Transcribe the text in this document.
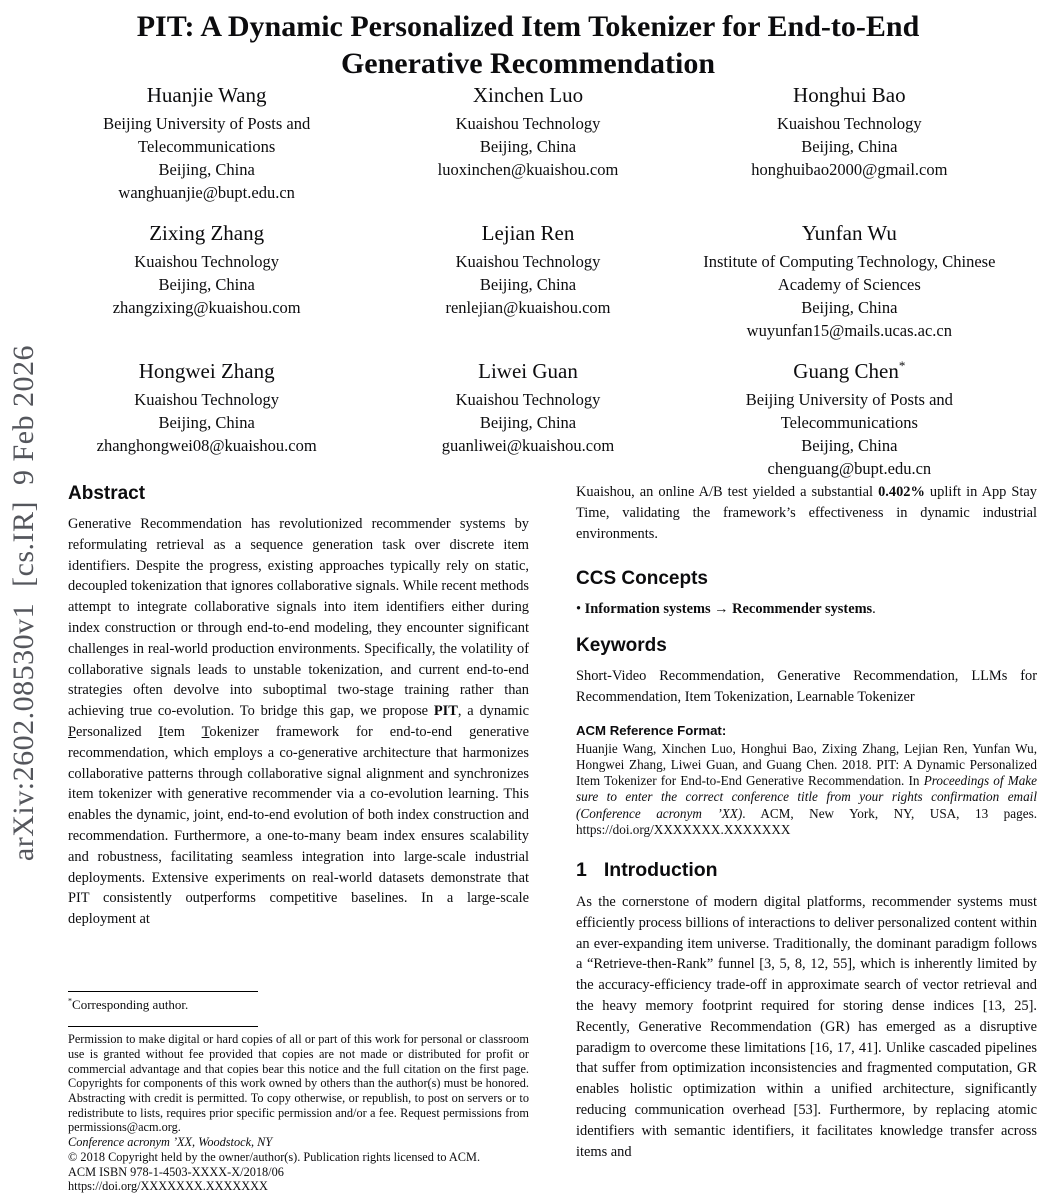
arXiv:2602.08530v1  [cs.IR]  9 Feb 2026
PIT: A Dynamic Personalized Item Tokenizer for End-to-End
Generative Recommendation
Huanjie Wang
Beijing University of Posts and Telecommunications
Beijing, China
wanghuanjie@bupt.edu.cn
Xinchen Luo
Kuaishou Technology
Beijing, China
luoxinchen@kuaishou.com
Honghui Bao
Kuaishou Technology
Beijing, China
honghuibao2000@gmail.com
Zixing Zhang
Kuaishou Technology
Beijing, China
zhangzixing@kuaishou.com
Lejian Ren
Kuaishou Technology
Beijing, China
renlejian@kuaishou.com
Yunfan Wu
Institute of Computing Technology, Chinese Academy of Sciences
Beijing, China
wuyunfan15@mails.ucas.ac.cn
Hongwei Zhang
Kuaishou Technology
Beijing, China
zhanghongwei08@kuaishou.com
Liwei Guan
Kuaishou Technology
Beijing, China
guanliwei@kuaishou.com
Guang Chen*
Beijing University of Posts and Telecommunications
Beijing, China
chenguang@bupt.edu.cn
Abstract

Generative Recommendation has revolutionized recommender systems by reformulating retrieval as a sequence generation task over discrete item identifiers. Despite the progress, existing approaches typically rely on static, decoupled tokenization that ignores collaborative signals. While recent methods attempt to integrate collaborative signals into item identifiers either during index construction or through end-to-end modeling, they encounter significant challenges in real-world production environments. Specifically, the volatility of collaborative signals leads to unstable tokenization, and current end-to-end strategies often devolve into suboptimal two-stage training rather than achieving true co-evolution. To bridge this gap, we propose PIT, a dynamic Personalized Item Tokenizer framework for end-to-end generative recommendation, which employs a co-generative architecture that harmonizes collaborative patterns through collaborative signal alignment and synchronizes item tokenizer with generative recommender via a co-evolution learning. This enables the dynamic, joint, end-to-end evolution of both index construction and recommendation. Furthermore, a one-to-many beam index ensures scalability and robustness, facilitating seamless integration into large-scale industrial deployments. Extensive experiments on real-world datasets demonstrate that PIT consistently outperforms competitive baselines. In a large-scale deployment at

*Corresponding author.

Permission to make digital or hard copies of all or part of this work for personal or classroom use is granted without fee provided that copies are not made or distributed for profit or commercial advantage and that copies bear this notice and the full citation on the first page. Copyrights for components of this work owned by others than the author(s) must be honored. Abstracting with credit is permitted. To copy otherwise, or republish, to post on servers or to redistribute to lists, requires prior specific permission and/or a fee. Request permissions from permissions@acm.org.

Conference acronym ’XX, Woodstock, NY

© 2018 Copyright held by the owner/author(s). Publication rights licensed to ACM.

ACM ISBN 978-1-4503-XXXX-X/2018/06

https://doi.org/XXXXXXX.XXXXXXX

Kuaishou, an online A/B test yielded a substantial 0.402% uplift in App Stay Time, validating the framework’s effectiveness in dynamic industrial environments.

CCS Concepts

• Information systems → Recommender systems.

Keywords

Short-Video Recommendation, Generative Recommendation, LLMs for Recommendation, Item Tokenization, Learnable Tokenizer

ACM Reference Format:

Huanjie Wang, Xinchen Luo, Honghui Bao, Zixing Zhang, Lejian Ren, Yunfan Wu, Hongwei Zhang, Liwei Guan, and Guang Chen. 2018. PIT: A Dynamic Personalized Item Tokenizer for End-to-End Generative Recommendation. In Proceedings of Make sure to enter the correct conference title from your rights confirmation email (Conference acronym ’XX). ACM, New York, NY, USA, 13 pages. https://doi.org/XXXXXXX.XXXXXXX

1 Introduction

As the cornerstone of modern digital platforms, recommender systems must efficiently process billions of interactions to deliver personalized content within an ever-expanding item universe. Traditionally, the dominant paradigm follows a “Retrieve-then-Rank” funnel [3, 5, 8, 12, 55], which is inherently limited by the accuracy-efficiency trade-off in approximate search of vector retrieval and the heavy memory footprint required for storing dense indices [13, 25]. Recently, Generative Recommendation (GR) has emerged as a disruptive paradigm to overcome these limitations [16, 17, 41]. Unlike cascaded pipelines that suffer from optimization inconsistencies and fragmented computation, GR enables holistic optimization within a unified architecture, significantly reducing communication overhead [53]. Furthermore, by replacing atomic identifiers with semantic identifiers, it facilitates knowledge transfer across items and
